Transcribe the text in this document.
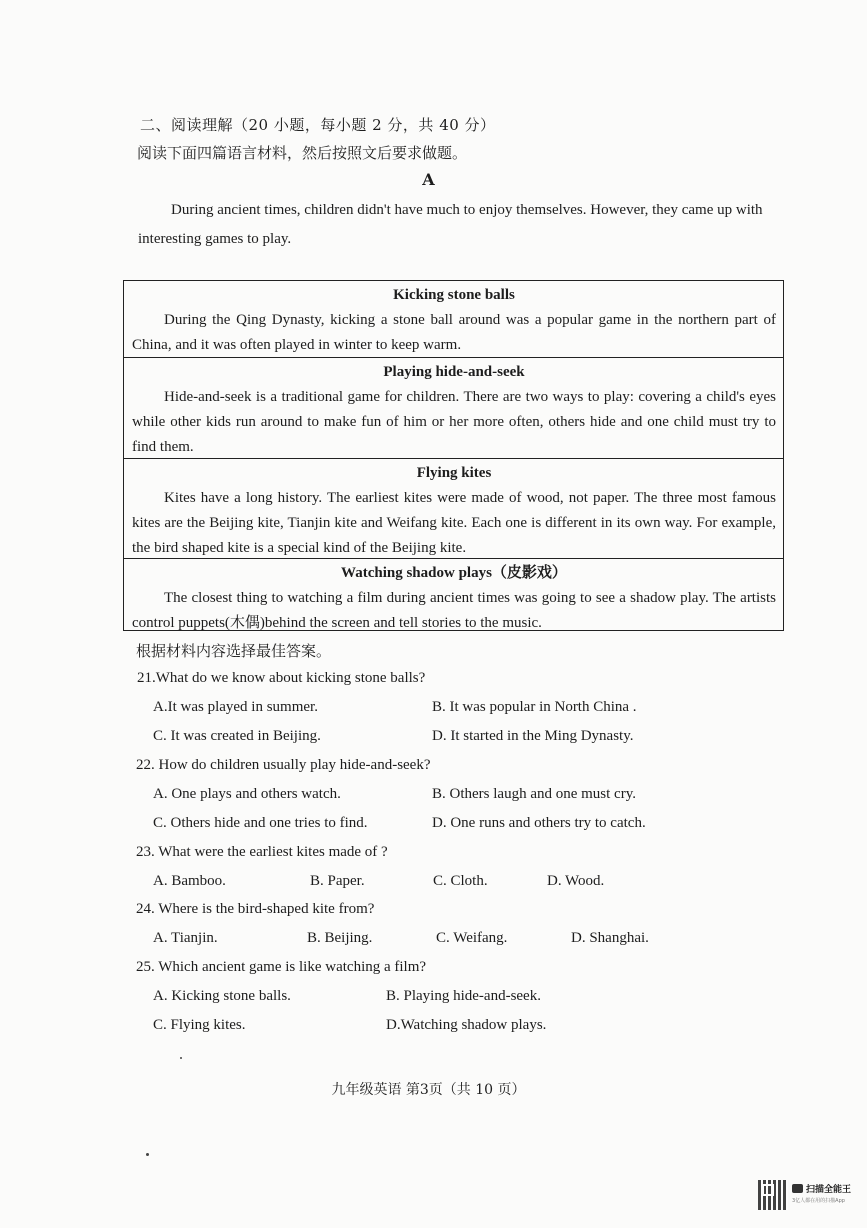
二、阅读理解（20 小题，每小题 2 分，共 40 分）
阅读下面四篇语言材料，然后按照文后要求做题。
A
During ancient times, children didn't have much to enjoy themselves. However, they came up with interesting games to play.
Kicking stone balls
During the Qing Dynasty, kicking a stone ball around was a popular game in the northern part of China, and it was often played in winter to keep warm.
Playing hide-and-seek
Hide-and-seek is a traditional game for children. There are two ways to play: covering a child's eyes while other kids run around to make fun of him or her more often, others hide and one child must try to find them.
Flying kites
Kites have a long history. The earliest kites were made of wood, not paper. The three most famous kites are the Beijing kite, Tianjin kite and Weifang kite. Each one is different in its own way. For example, the bird shaped kite is a special kind of the Beijing kite.
Watching shadow plays（皮影戏）
The closest thing to watching a film during ancient times was going to see a shadow play. The artists control puppets(木偶)behind the screen and tell stories to the music.
根据材料内容选择最佳答案。
21.What do we know about kicking stone balls?
A.It was played in summer.	B. It was popular in North China .
C. It was created in Beijing.	D. It started in the Ming Dynasty.
22. How do children usually play hide-and-seek?
A. One plays and others watch.	B. Others laugh and one must cry.
C. Others hide and one tries to find.	D. One runs and others try to catch.
23. What were the earliest kites made of ?
A. Bamboo.	B. Paper.	C. Cloth.	D. Wood.
24. Where is the bird-shaped kite from?
A. Tianjin.	B. Beijing.	C. Weifang.	D. Shanghai.
25. Which ancient game is like watching a film?
A. Kicking stone balls.	B. Playing hide-and-seek.
C. Flying kites.	D.Watching shadow plays.
九年级英语 第3页（共 10 页）
扫描全能王
3亿人都在用的扫描App
